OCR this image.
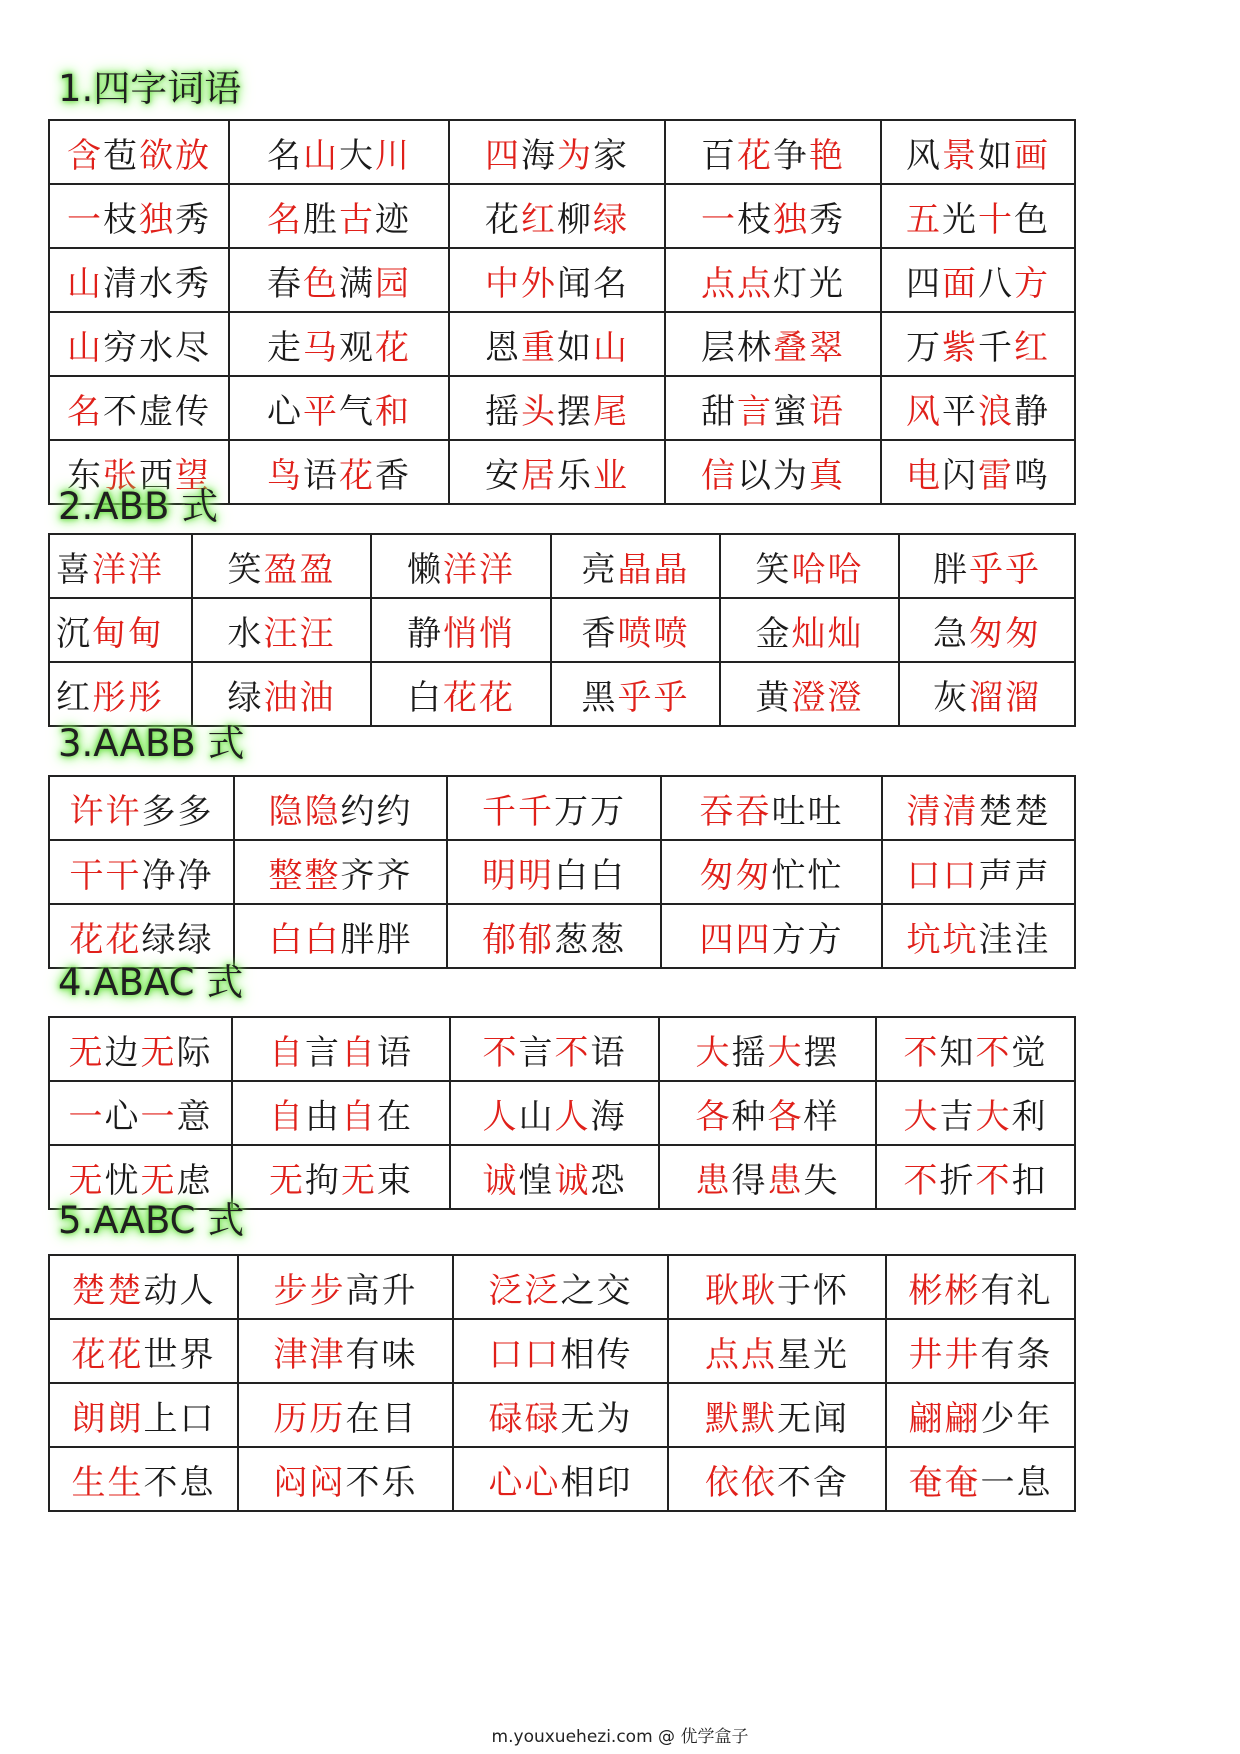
1.四字词语
含苞欲放	名山大川	四海为家	百花争艳	风景如画
一枝独秀	名胜古迹	花红柳绿	一枝独秀	五光十色
山清水秀	春色满园	中外闻名	点点灯光	四面八方
山穷水尽	走马观花	恩重如山	层林叠翠	万紫千红
名不虚传	心平气和	摇头摆尾	甜言蜜语	风平浪静
东张西望	鸟语花香	安居乐业	信以为真	电闪雷鸣
2.ABB 式
喜洋洋	笑盈盈	懒洋洋	亮晶晶	笑哈哈	胖乎乎
沉甸甸	水汪汪	静悄悄	香喷喷	金灿灿	急匆匆
红彤彤	绿油油	白花花	黑乎乎	黄澄澄	灰溜溜
3.AABB 式
许许多多	隐隐约约	千千万万	吞吞吐吐	清清楚楚
干干净净	整整齐齐	明明白白	匆匆忙忙	口口声声
花花绿绿	白白胖胖	郁郁葱葱	四四方方	坑坑洼洼
4.ABAC 式
无边无际	自言自语	不言不语	大摇大摆	不知不觉
一心一意	自由自在	人山人海	各种各样	大吉大利
无忧无虑	无拘无束	诚惶诚恐	患得患失	不折不扣
5.AABC 式
楚楚动人	步步高升	泛泛之交	耿耿于怀	彬彬有礼
花花世界	津津有味	口口相传	点点星光	井井有条
朗朗上口	历历在目	碌碌无为	默默无闻	翩翩少年
生生不息	闷闷不乐	心心相印	依依不舍	奄奄一息
m.youxuehezi.com @ 优学盒子
